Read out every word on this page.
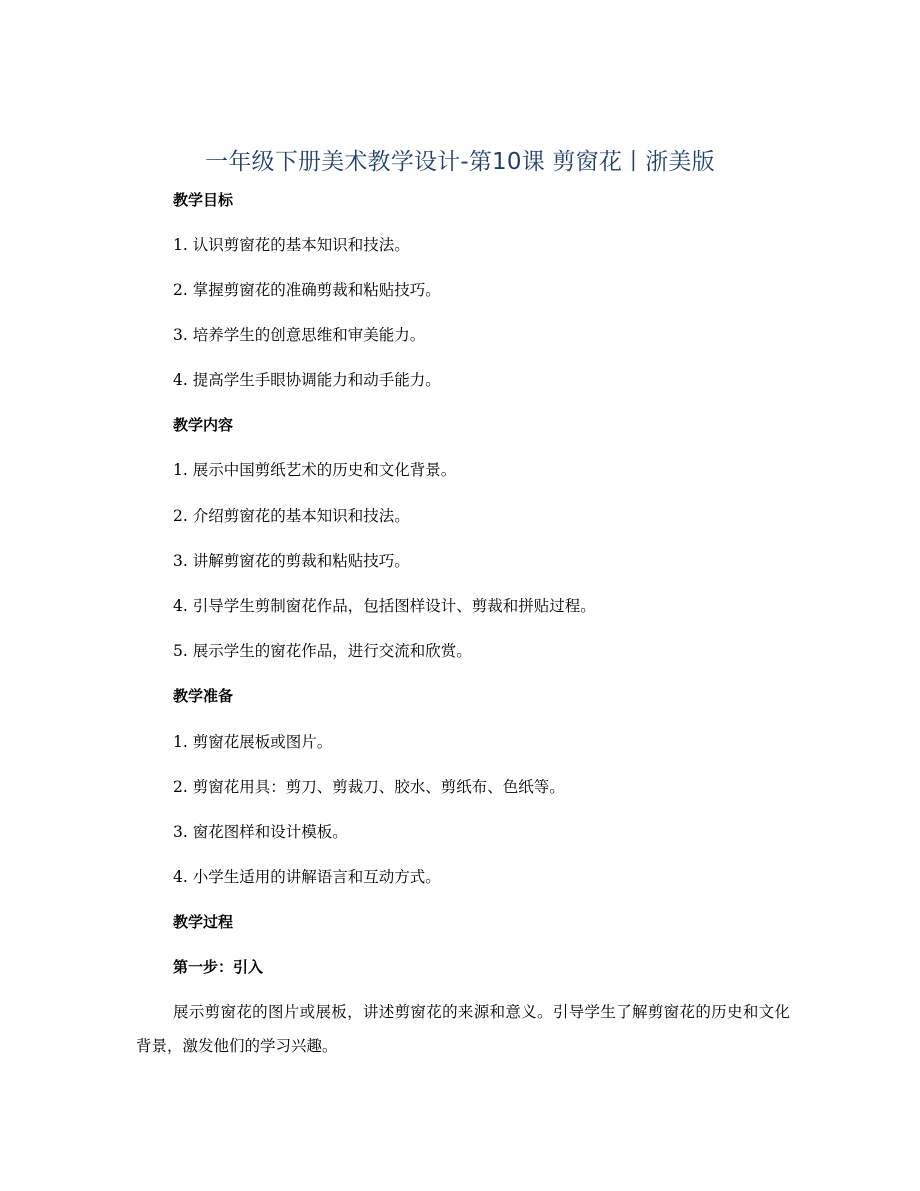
一年级下册美术教学设计-第10课 剪窗花丨浙美版
教学目标
1. 认识剪窗花的基本知识和技法。
2. 掌握剪窗花的准确剪裁和粘贴技巧。
3. 培养学生的创意思维和审美能力。
4. 提高学生手眼协调能力和动手能力。
教学内容
1. 展示中国剪纸艺术的历史和文化背景。
2. 介绍剪窗花的基本知识和技法。
3. 讲解剪窗花的剪裁和粘贴技巧。
4. 引导学生剪制窗花作品，包括图样设计、剪裁和拼贴过程。
5. 展示学生的窗花作品，进行交流和欣赏。
教学准备
1. 剪窗花展板或图片。
2. 剪窗花用具：剪刀、剪裁刀、胶水、剪纸布、色纸等。
3. 窗花图样和设计模板。
4. 小学生适用的讲解语言和互动方式。
教学过程
第一步：引入
展示剪窗花的图片或展板，讲述剪窗花的来源和意义。引导学生了解剪窗花的历史和文化背景，激发他们的学习兴趣。
